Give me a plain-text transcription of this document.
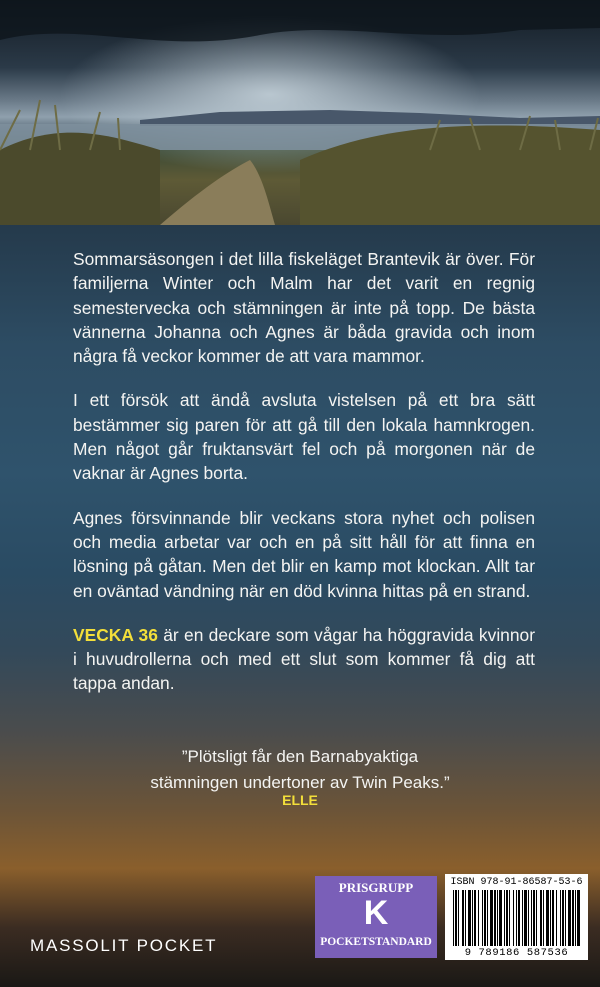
Sommarsäsongen i det lilla fiskeläget Brantevik är över. För familjerna Winter och Malm har det varit en regnig semestervecka och stämningen är inte på topp. De bästa vännerna Johanna och Agnes är båda gravida och inom några få veckor kommer de att vara mammor.

I ett försök att ändå avsluta vistelsen på ett bra sätt bestämmer sig paren för att gå till den lokala hamnkrogen. Men något går fruktansvärt fel och på morgonen när de vaknar är Agnes borta.

Agnes försvinnande blir veckans stora nyhet och polisen och media arbetar var och en på sitt håll för att finna en lösning på gåtan. Men det blir en kamp mot klockan. Allt tar en oväntad vändning när en död kvinna hittas på en strand.

VECKA 36 är en deckare som vågar ha höggravida kvinnor i huvudrollerna och med ett slut som kommer få dig att tappa andan.

”Plötsligt får den Barnabyaktiga
stämningen undertoner av Twin Peaks.”
ELLE
MASSOLIT POCKET
PRISGRUPP
K
POCKETSTANDARD
ISBN 978-91-86587-53-6
9 789186 587536
